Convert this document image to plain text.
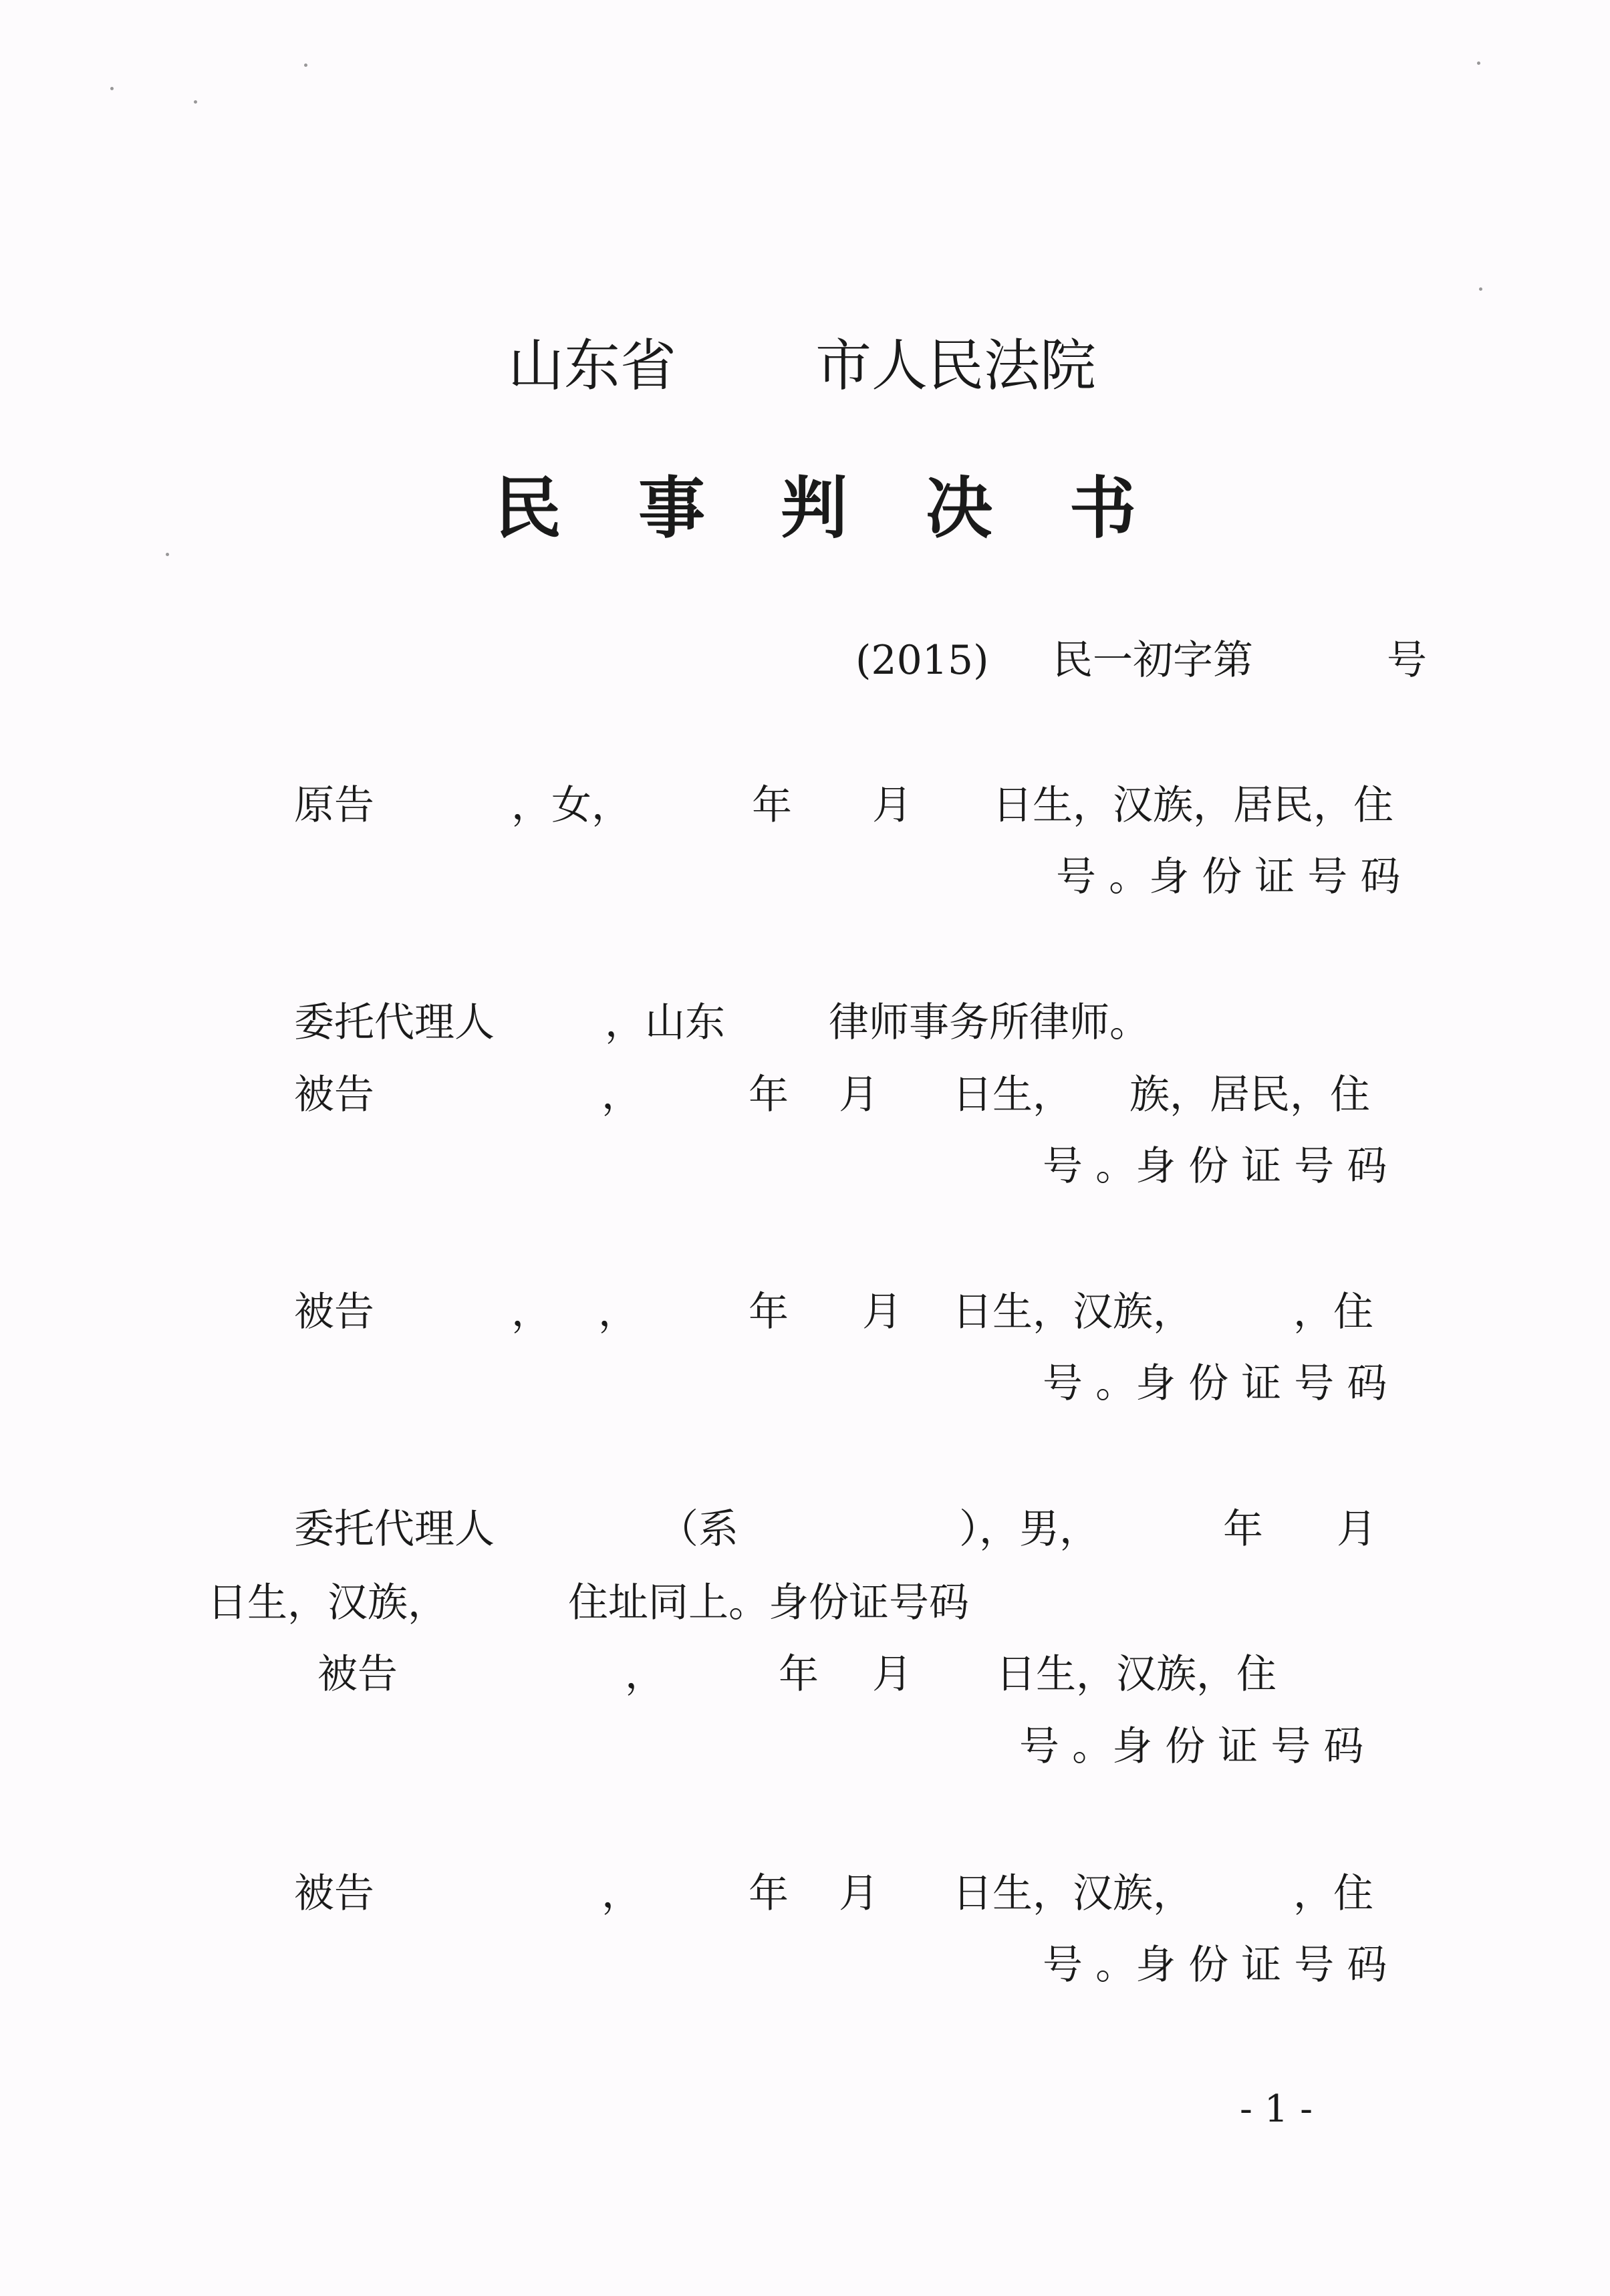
山东省 市人民法院
民 事 判 决 书
(2015) 民一初字第	号
原告	，女，	年 月 日生，汉族，居民，住
号 。身 份 证 号 码
委托代理人	，山东	律师事务所律师。
被告	，	年 月 日生， 族，居民，住
号 。身 份 证 号 码
被告	， ，	年 月 日生，汉族，	，住
号 。身 份 证 号 码
委托代理人	（系	），男，	年 月
日生，汉族，	住址同上。身份证号码
被告	，	年 月 日生，汉族，住
号 。身 份 证 号 码
被告	，	年 月 日生，汉族，	，住
号 。身 份 证 号 码
- 1 -
